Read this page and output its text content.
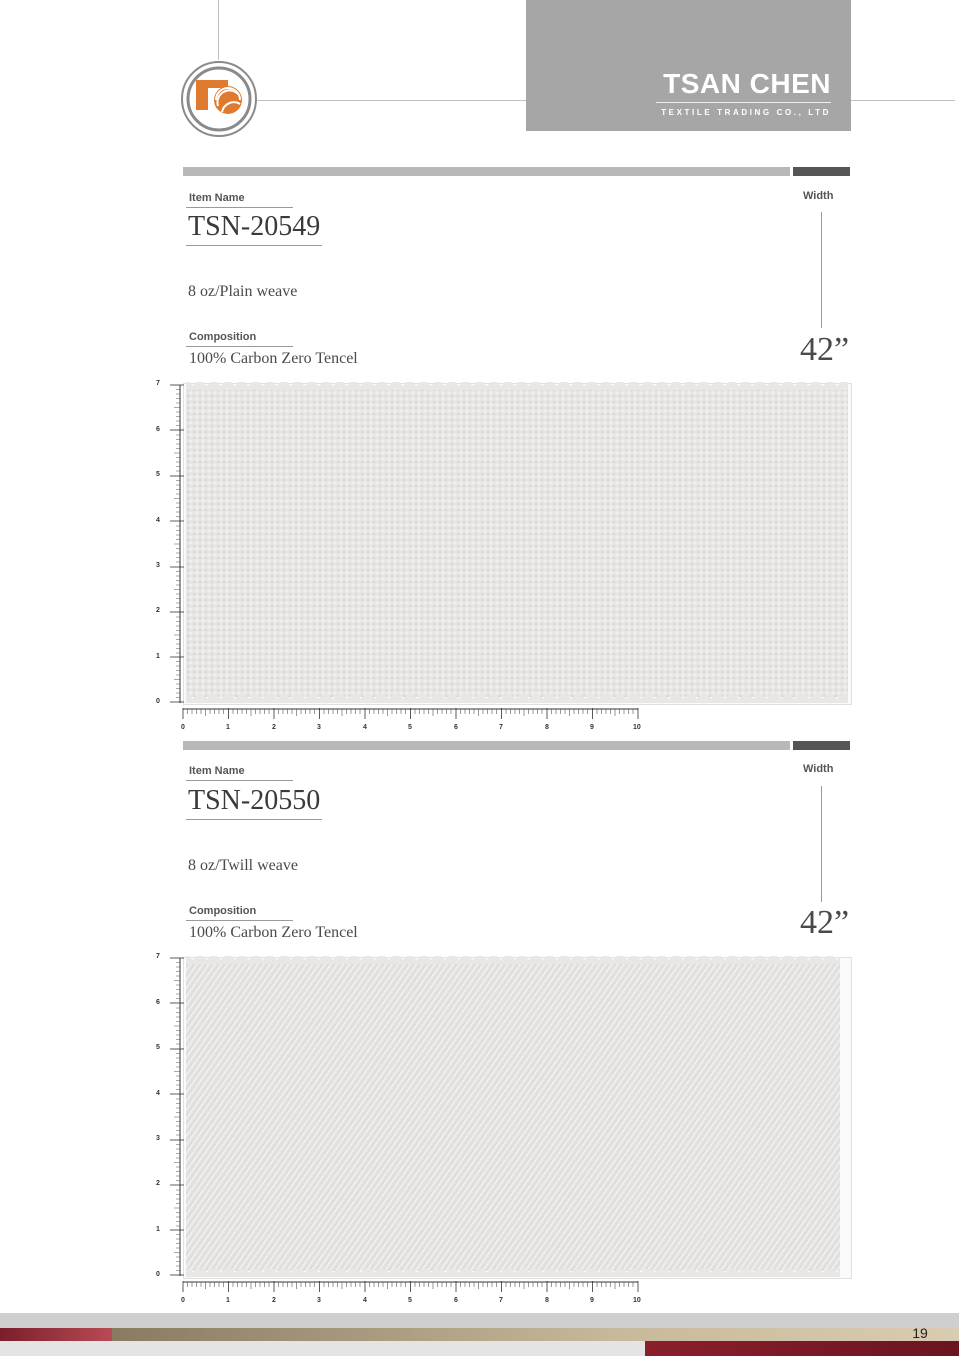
TSAN CHEN
TEXTILE TRADING CO., LTD
Item Name
TSN-20549
8 oz/Plain weave
Composition
100% Carbon Zero Tencel
Width
42”
7
6
5
4
3
2
1
0
0	1	2	3	4	5	6	7	8	9	10
Item Name
TSN-20550
8 oz/Twill weave
Composition
100% Carbon Zero Tencel
Width
42”
7
6
5
4
3
2
1
0
0	1	2	3	4	5	6	7	8	9	10
19
